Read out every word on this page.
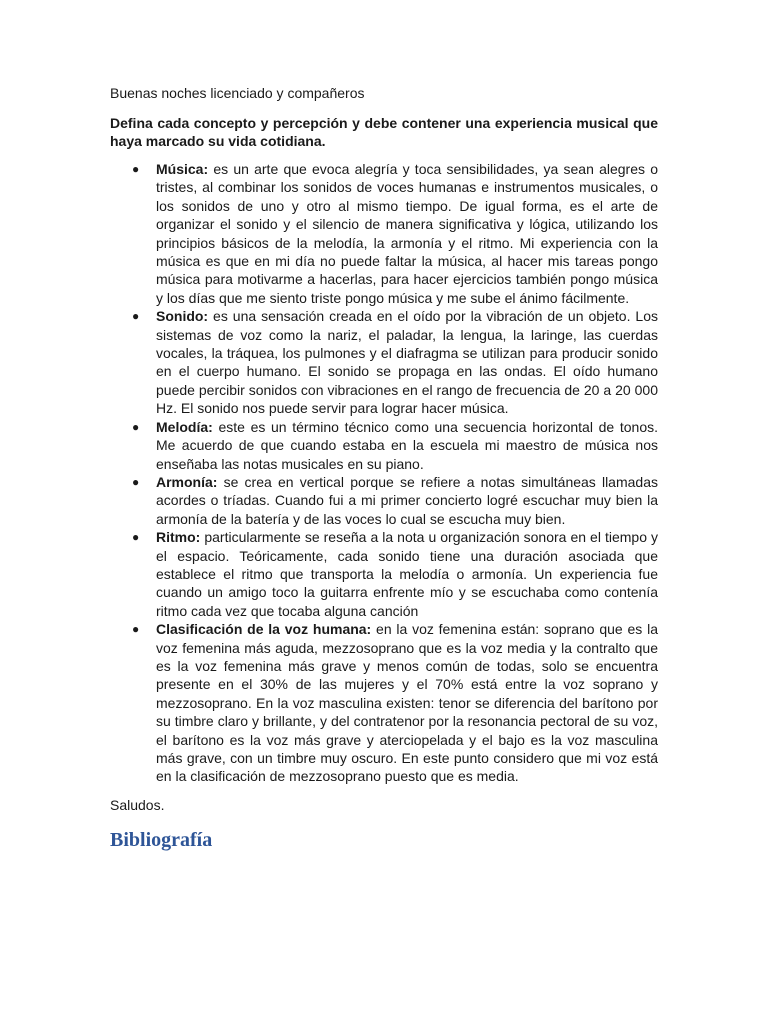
Buenas noches licenciado y compañeros

Defina cada concepto y percepción y debe contener una experiencia musical que haya marcado su vida cotidiana.

● Música: es un arte que evoca alegría y toca sensibilidades, ya sean alegres o tristes, al combinar los sonidos de voces humanas e instrumentos musicales, o los sonidos de uno y otro al mismo tiempo. De igual forma, es el arte de organizar el sonido y el silencio de manera significativa y lógica, utilizando los principios básicos de la melodía, la armonía y el ritmo. Mi experiencia con la música es que en mi día no puede faltar la música, al hacer mis tareas pongo música para motivarme a hacerlas, para hacer ejercicios también pongo música y los días que me siento triste pongo música y me sube el ánimo fácilmente.
● Sonido: es una sensación creada en el oído por la vibración de un objeto. Los sistemas de voz como la nariz, el paladar, la lengua, la laringe, las cuerdas vocales, la tráquea, los pulmones y el diafragma se utilizan para producir sonido en el cuerpo humano. El sonido se propaga en las ondas. El oído humano puede percibir sonidos con vibraciones en el rango de frecuencia de 20 a 20 000 Hz. El sonido nos puede servir para lograr hacer música.
● Melodía: este es un término técnico como una secuencia horizontal de tonos. Me acuerdo de que cuando estaba en la escuela mi maestro de música nos enseñaba las notas musicales en su piano.
● Armonía: se crea en vertical porque se refiere a notas simultáneas llamadas acordes o tríadas. Cuando fui a mi primer concierto logré escuchar muy bien la armonía de la batería y de las voces lo cual se escucha muy bien.
● Ritmo: particularmente se reseña a la nota u organización sonora en el tiempo y el espacio. Teóricamente, cada sonido tiene una duración asociada que establece el ritmo que transporta la melodía o armonía. Un experiencia fue cuando un amigo toco la guitarra enfrente mío y se escuchaba como contenía ritmo cada vez que tocaba alguna canción
● Clasificación de la voz humana: en la voz femenina están: soprano que es la voz femenina más aguda, mezzosoprano que es la voz media y la contralto que es la voz femenina más grave y menos común de todas, solo se encuentra presente en el 30% de las mujeres y el 70% está entre la voz soprano y mezzosoprano. En la voz masculina existen: tenor se diferencia del barítono por su timbre claro y brillante, y del contratenor por la resonancia pectoral de su voz, el barítono es la voz más grave y aterciopelada y el bajo es la voz masculina más grave, con un timbre muy oscuro. En este punto considero que mi voz está en la clasificación de mezzosoprano puesto que es media.

Saludos.

Bibliografía
